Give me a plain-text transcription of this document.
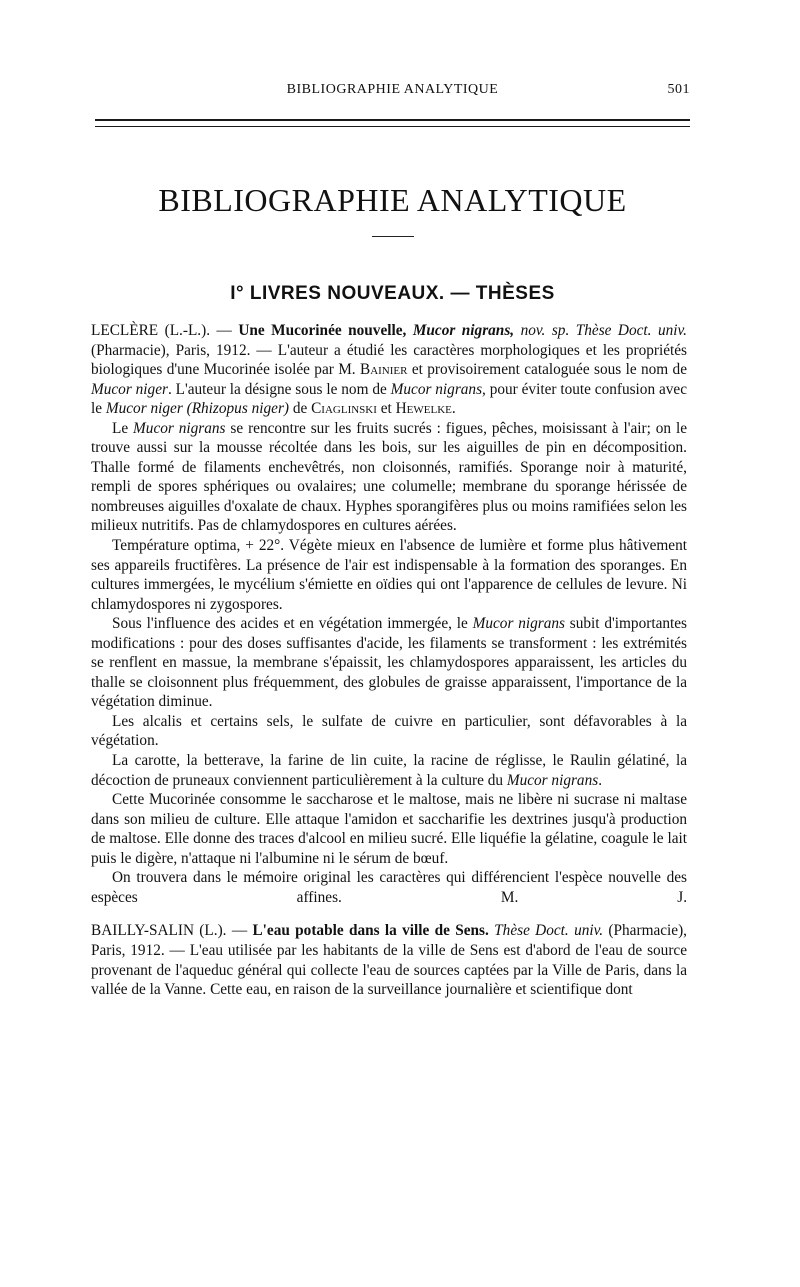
BIBLIOGRAPHIE ANALYTIQUE	501
BIBLIOGRAPHIE ANALYTIQUE
I° LIVRES NOUVEAUX. — THÈSES

LECLÈRE (L.-L.). — Une Mucorinée nouvelle, Mucor nigrans, nov. sp. Thèse Doct. univ. (Pharmacie), Paris, 1912. — L'auteur a étudié les caractères morphologiques et les propriétés biologiques d'une Mucorinée isolée par M. Bainier et provisoirement cataloguée sous le nom de Mucor niger. L'auteur la désigne sous le nom de Mucor nigrans, pour éviter toute confusion avec le Mucor niger (Rhizopus niger) de Ciaglinski et Hewelke.

Le Mucor nigrans se rencontre sur les fruits sucrés : figues, pêches, moisissant à l'air; on le trouve aussi sur la mousse récoltée dans les bois, sur les aiguilles de pin en décomposition. Thalle formé de filaments enchevêtrés, non cloisonnés, ramifiés. Sporange noir à maturité, rempli de spores sphériques ou ovalaires; une columelle; membrane du sporange hérissée de nombreuses aiguilles d'oxalate de chaux. Hyphes sporangifères plus ou moins ramifiées selon les milieux nutritifs. Pas de chlamydospores en cultures aérées.

Température optima, + 22°. Végète mieux en l'absence de lumière et forme plus hâtivement ses appareils fructifères. La présence de l'air est indispensable à la formation des sporanges. En cultures immergées, le mycélium s'émiette en oïdies qui ont l'apparence de cellules de levure. Ni chlamydospores ni zygospores.

Sous l'influence des acides et en végétation immergée, le Mucor nigrans subit d'importantes modifications : pour des doses suffisantes d'acide, les filaments se transforment : les extrémités se renflent en massue, la membrane s'épaissit, les chlamydospores apparaissent, les articles du thalle se cloisonnent plus fréquemment, des globules de graisse apparaissent, l'importance de la végétation diminue.

Les alcalis et certains sels, le sulfate de cuivre en particulier, sont défavorables à la végétation.

La carotte, la betterave, la farine de lin cuite, la racine de réglisse, le Raulin gélatiné, la décoction de pruneaux conviennent particulièrement à la culture du Mucor nigrans.

Cette Mucorinée consomme le saccharose et le maltose, mais ne libère ni sucrase ni maltase dans son milieu de culture. Elle attaque l'amidon et saccharifie les dextrines jusqu'à production de maltose. Elle donne des traces d'alcool en milieu sucré. Elle liquéfie la gélatine, coagule le lait puis le digère, n'attaque ni l'albumine ni le sérum de bœuf.

On trouvera dans le mémoire original les caractères qui différencient l'espèce nouvelle des espèces affines.	M. J.

BAILLY-SALIN (L.). — L'eau potable dans la ville de Sens. Thèse Doct. univ. (Pharmacie), Paris, 1912. — L'eau utilisée par les habitants de la ville de Sens est d'abord de l'eau de source provenant de l'aqueduc général qui collecte l'eau de sources captées par la Ville de Paris, dans la vallée de la Vanne. Cette eau, en raison de la surveillance journalière et scientifique dont
